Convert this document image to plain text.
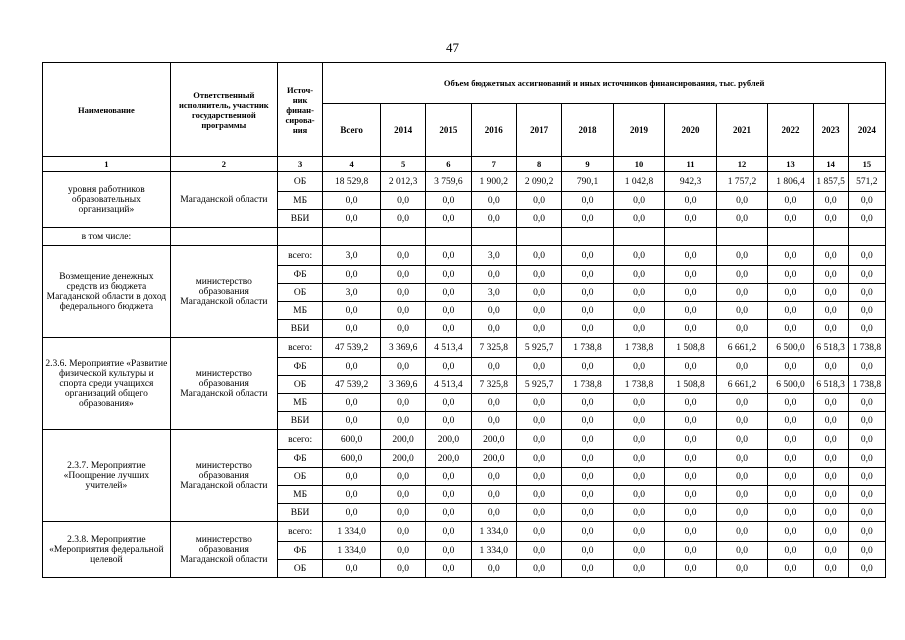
47
Наименование	Ответственный исполнитель, участник государственной программы	Источ-ник финан-сирова-ния	Объем бюджетных ассигнований и иных источников финансирования, тыс. рублей											
			Всего	2014	2015	2016	2017	2018	2019	2020	2021	2022	2023	2024
1	2	3	4	5	6	7	8	9	10	11	12	13	14	15
уровня работников образовательных организаций»	Магаданской области	ОБ	18 529,8	2 012,3	3 759,6	1 900,2	2 090,2	790,1	1 042,8	942,3	1 757,2	1 806,4	1 857,5	571,2
		МБ	0,0	0,0	0,0	0,0	0,0	0,0	0,0	0,0	0,0	0,0	0,0	0,0
		ВБИ	0,0	0,0	0,0	0,0	0,0	0,0	0,0	0,0	0,0	0,0	0,0	0,0
в том числе:														
Возмещение денежных средств из бюджета Магаданской области в доход федерального бюджета	министерство образования Магаданской области	всего:	3,0	0,0	0,0	3,0	0,0	0,0	0,0	0,0	0,0	0,0	0,0	0,0
		ФБ	0,0	0,0	0,0	0,0	0,0	0,0	0,0	0,0	0,0	0,0	0,0	0,0
		ОБ	3,0	0,0	0,0	3,0	0,0	0,0	0,0	0,0	0,0	0,0	0,0	0,0
		МБ	0,0	0,0	0,0	0,0	0,0	0,0	0,0	0,0	0,0	0,0	0,0	0,0
		ВБИ	0,0	0,0	0,0	0,0	0,0	0,0	0,0	0,0	0,0	0,0	0,0	0,0
2.3.6. Мероприятие «Развитие физической культуры и спорта среди учащихся организаций общего образования»	министерство образования Магаданской области	всего:	47 539,2	3 369,6	4 513,4	7 325,8	5 925,7	1 738,8	1 738,8	1 508,8	6 661,2	6 500,0	6 518,3	1 738,8
		ФБ	0,0	0,0	0,0	0,0	0,0	0,0	0,0	0,0	0,0	0,0	0,0	0,0
		ОБ	47 539,2	3 369,6	4 513,4	7 325,8	5 925,7	1 738,8	1 738,8	1 508,8	6 661,2	6 500,0	6 518,3	1 738,8
		МБ	0,0	0,0	0,0	0,0	0,0	0,0	0,0	0,0	0,0	0,0	0,0	0,0
		ВБИ	0,0	0,0	0,0	0,0	0,0	0,0	0,0	0,0	0,0	0,0	0,0	0,0
2.3.7. Мероприятие «Поощрение лучших учителей»	министерство образования Магаданской области	всего:	600,0	200,0	200,0	200,0	0,0	0,0	0,0	0,0	0,0	0,0	0,0	0,0
		ФБ	600,0	200,0	200,0	200,0	0,0	0,0	0,0	0,0	0,0	0,0	0,0	0,0
		ОБ	0,0	0,0	0,0	0,0	0,0	0,0	0,0	0,0	0,0	0,0	0,0	0,0
		МБ	0,0	0,0	0,0	0,0	0,0	0,0	0,0	0,0	0,0	0,0	0,0	0,0
		ВБИ	0,0	0,0	0,0	0,0	0,0	0,0	0,0	0,0	0,0	0,0	0,0	0,0
2.3.8. Мероприятие «Мероприятия федеральной целевой	министерство образования Магаданской области	всего:	1 334,0	0,0	0,0	1 334,0	0,0	0,0	0,0	0,0	0,0	0,0	0,0	0,0
		ФБ	1 334,0	0,0	0,0	1 334,0	0,0	0,0	0,0	0,0	0,0	0,0	0,0	0,0
		ОБ	0,0	0,0	0,0	0,0	0,0	0,0	0,0	0,0	0,0	0,0	0,0	0,0
